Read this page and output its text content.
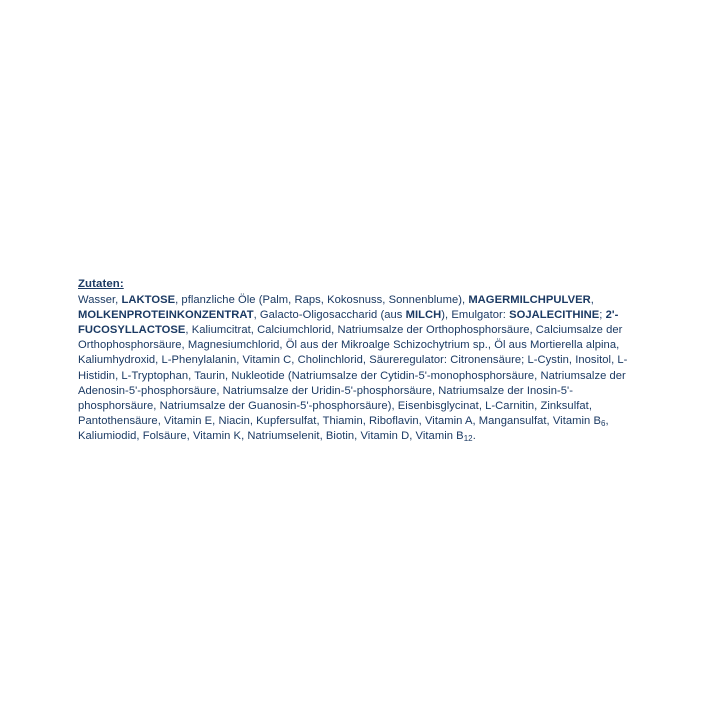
Zutaten:
Wasser, LAKTOSE, pflanzliche Öle (Palm, Raps, Kokosnuss, Sonnenblume), MAGERMILCHPULVER, MOLKENPROTEINKONZENTRAT, Galacto-Oligosaccharid (aus MILCH), Emulgator: SOJALECITHINE; 2'-FUCOSYLLACTOSE, Kaliumcitrat, Calciumchlorid, Natriumsalze der Orthophosphorsäure, Calciumsalze der Orthophosphorsäure, Magnesiumchlorid, Öl aus der Mikroalge Schizochytrium sp., Öl aus Mortierella alpina, Kaliumhydroxid, L-Phenylalanin, Vitamin C, Cholinchlorid, Säureregulator: Citronensäure; L-Cystin, Inositol, L-Histidin, L-Tryptophan, Taurin, Nukleotide (Natriumsalze der Cytidin-5'-monophosphorsäure, Natriumsalze der Adenosin-5'-phosphorsäure, Natriumsalze der Uridin-5'-phosphorsäure, Natriumsalze der Inosin-5'-phosphorsäure, Natriumsalze der Guanosin-5'-phosphorsäure), Eisenbisglycinat, L-Carnitin, Zinksulfat, Pantothensäure, Vitamin E, Niacin, Kupfersulfat, Thiamin, Riboflavin, Vitamin A, Mangansulfat, Vitamin $B_6$, Kaliumiodid, Folsäure, Vitamin K, Natriumselenit, Biotin, Vitamin D, Vitamin $B_{12}$.
